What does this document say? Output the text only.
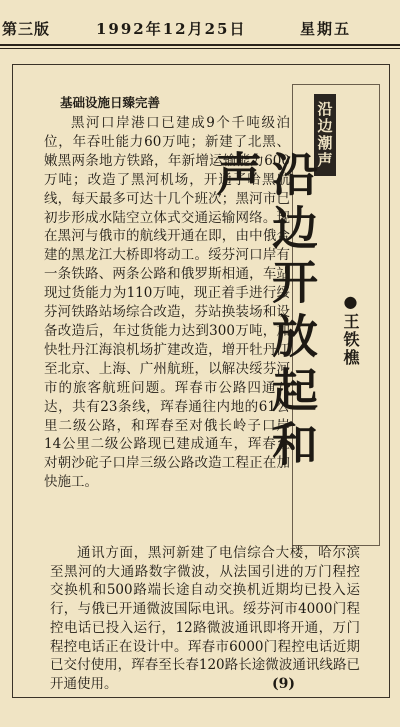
第三版	1992年12月25日	星期五
基础设施日臻完善	沿边潮声
沿边开放起和声
●王铁樵

黑河口岸港口已建成9个千吨级泊位，年吞吐能力60万吨；新建了北黑、嫩黑两条地方铁路，年新增运输能力600万吨；改造了黑河机场，开通了哈黑航线，每天最多可达十几个班次；黑河市已初步形成水陆空立体式交通运输网络。现在黑河与俄市的航线开通在即，由中俄合建的黑龙江大桥即将动工。绥芬河口岸有一条铁路、两条公路和俄罗斯相通，车站现过货能力为110万吨，现正着手进行绥芬河铁路站场综合改造，芬站换装场和设备改造后，年过货能力达到300万吨，加快牡丹江海浪机场扩建改造，增开牡丹江至北京、上海、广州航班，以解决绥芬河市的旅客航班问题。珲春市公路四通八达，共有23条线，珲春通往内地的61公里二级公路，和珲春至对俄长岭子口岸14公里二级公路现已建成通车，珲春至对朝沙砣子口岸三级公路改造工程正在加快施工。

通讯方面，黑河新建了电信综合大楼，哈尔滨至黑河的大通路数字微波，从法国引进的万门程控交换机和500路端长途自动交换机近期均已投入运行，与俄已开通微波国际电讯。绥芬河市4000门程控电话已投入运行，12路微波通讯即将开通，万门程控电话正在设计中。珲春市6000门程控电话近期已交付使用，珲春至长春120路长途微波通讯线路已开通使用。	(9)
